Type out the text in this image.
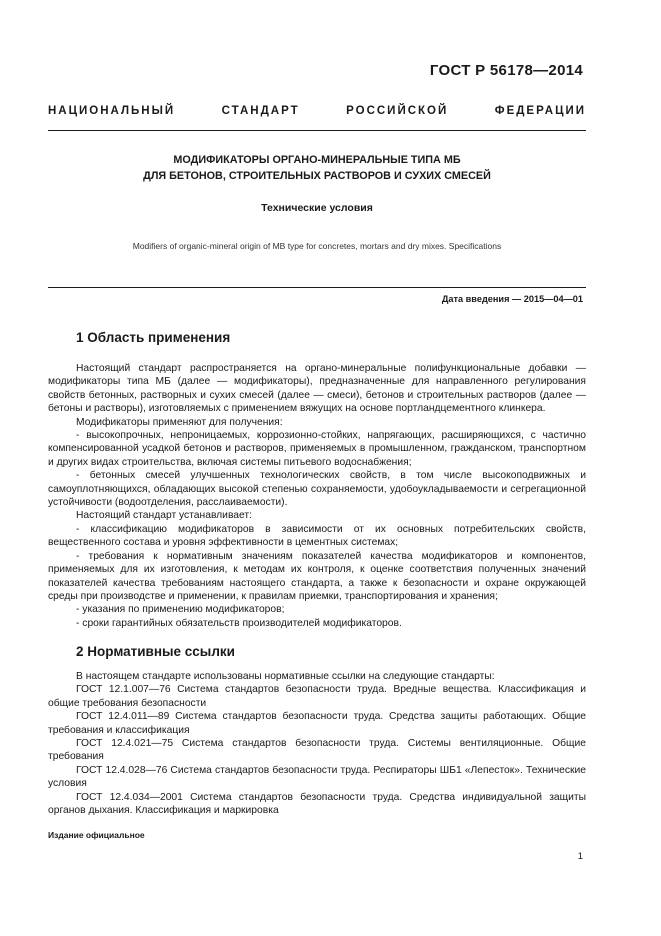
ГОСТ Р 56178—2014
НАЦИОНАЛЬНЫЙ СТАНДАРТ РОССИЙСКОЙ ФЕДЕРАЦИИ
МОДИФИКАТОРЫ ОРГАНО-МИНЕРАЛЬНЫЕ ТИПА МБ
ДЛЯ БЕТОНОВ, СТРОИТЕЛЬНЫХ РАСТВОРОВ И СУХИХ СМЕСЕЙ
Технические условия
Modifiers of organic-mineral origin of MB type for concretes, mortars and dry mixes. Specifications
Дата введения — 2015—04—01
1 Область применения

Настоящий стандарт распространяется на органо-минеральные полифункциональные добавки — модификаторы типа МБ (далее — модификаторы), предназначенные для направленного регулирования свойств бетонных, растворных и сухих смесей (далее — смеси), бетонов и строительных растворов (далее — бетоны и растворы), изготовляемых с применением вяжущих на основе портландцементного клинкера.

Модификаторы применяют для получения:

- высокопрочных, непроницаемых, коррозионно-стойких, напрягающих, расширяющихся, с частично компенсированной усадкой бетонов и растворов, применяемых в промышленном, гражданском, транспортном и других видах строительства, включая системы питьевого водоснабжения;

- бетонных смесей улучшенных технологических свойств, в том числе высокоподвижных и самоуплотняющихся, обладающих высокой степенью сохраняемости, удобоукладываемости и сегрегационной устойчивости (водоотделения, расслаиваемости).

Настоящий стандарт устанавливает:

- классификацию модификаторов в зависимости от их основных потребительских свойств, вещественного состава и уровня эффективности в цементных системах;

- требования к нормативным значениям показателей качества модификаторов и компонентов, применяемых для их изготовления, к методам их контроля, к оценке соответствия полученных значений показателей качества требованиям настоящего стандарта, а также к безопасности и охране окружающей среды при производстве и применении, к правилам приемки, транспортирования и хранения;

- указания по применению модификаторов;

- сроки гарантийных обязательств производителей модификаторов.

2 Нормативные ссылки

В настоящем стандарте использованы нормативные ссылки на следующие стандарты:

ГОСТ 12.1.007—76 Система стандартов безопасности труда. Вредные вещества. Классификация и общие требования безопасности

ГОСТ 12.4.011—89 Система стандартов безопасности труда. Средства защиты работающих. Общие требования и классификация

ГОСТ 12.4.021—75 Система стандартов безопасности труда. Системы вентиляционные. Общие требования

ГОСТ 12.4.028—76 Система стандартов безопасности труда. Респираторы ШБ1 «Лепесток». Технические условия

ГОСТ 12.4.034—2001 Система стандартов безопасности труда. Средства индивидуальной защиты органов дыхания. Классификация и маркировка

Издание официальное
1
